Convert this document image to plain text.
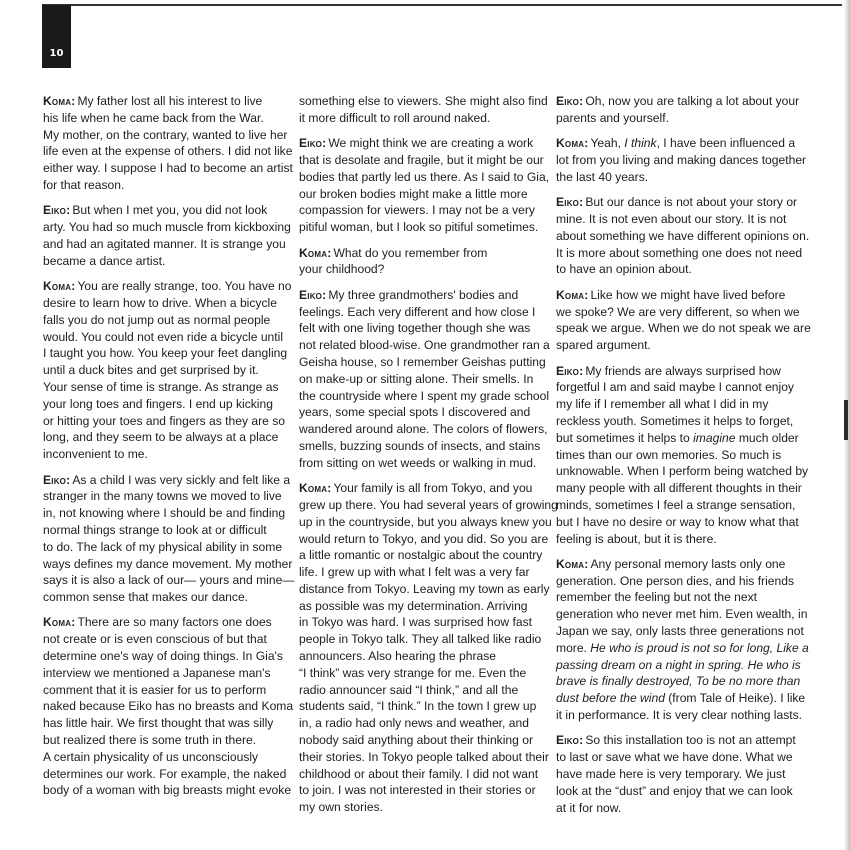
10
Koma: My father lost all his interest to live
his life when he came back from the War.
My mother, on the contrary, wanted to live her
life even at the expense of others. I did not like
either way. I suppose I had to become an artist
for that reason.
Eiko: But when I met you, you did not look
arty. You had so much muscle from kickboxing
and had an agitated manner. It is strange you
became a dance artist.
Koma: You are really strange, too. You have no
desire to learn how to drive. When a bicycle
falls you do not jump out as normal people
would. You could not even ride a bicycle until
I taught you how. You keep your feet dangling
until a duck bites and get surprised by it.
Your sense of time is strange. As strange as
your long toes and fingers. I end up kicking
or hitting your toes and fingers as they are so
long, and they seem to be always at a place
inconvenient to me.
Eiko: As a child I was very sickly and felt like a
stranger in the many towns we moved to live
in, not knowing where I should be and finding
normal things strange to look at or difficult
to do. The lack of my physical ability in some
ways defines my dance movement. My mother
says it is also a lack of our— yours and mine—
common sense that makes our dance.
Koma: There are so many factors one does
not create or is even conscious of but that
determine one's way of doing things. In Gia's
interview we mentioned a Japanese man's
comment that it is easier for us to perform
naked because Eiko has no breasts and Koma
has little hair. We first thought that was silly
but realized there is some truth in there.
A certain physicality of us unconsciously
determines our work. For example, the naked
body of a woman with big breasts might evoke
something else to viewers. She might also find
it more difficult to roll around naked.
Eiko: We might think we are creating a work
that is desolate and fragile, but it might be our
bodies that partly led us there. As I said to Gia,
our broken bodies might make a little more
compassion for viewers. I may not be a very
pitiful woman, but I look so pitiful sometimes.
Koma: What do you remember from
your childhood?
Eiko: My three grandmothers' bodies and
feelings. Each very different and how close I
felt with one living together though she was
not related blood-wise. One grandmother ran a
Geisha house, so I remember Geishas putting
on make-up or sitting alone. Their smells. In
the countryside where I spent my grade school
years, some special spots I discovered and
wandered around alone. The colors of flowers,
smells, buzzing sounds of insects, and stains
from sitting on wet weeds or walking in mud.
Koma: Your family is all from Tokyo, and you
grew up there. You had several years of growing
up in the countryside, but you always knew you
would return to Tokyo, and you did. So you are
a little romantic or nostalgic about the country
life. I grew up with what I felt was a very far
distance from Tokyo. Leaving my town as early
as possible was my determination. Arriving
in Tokyo was hard. I was surprised how fast
people in Tokyo talk. They all talked like radio
announcers. Also hearing the phrase
“I think” was very strange for me. Even the
radio announcer said “I think,” and all the
students said, “I think.” In the town I grew up
in, a radio had only news and weather, and
nobody said anything about their thinking or
their stories. In Tokyo people talked about their
childhood or about their family. I did not want
to join. I was not interested in their stories or
my own stories.
Eiko: Oh, now you are talking a lot about your
parents and yourself.
Koma: Yeah, I think, I have been influenced a
lot from you living and making dances together
the last 40 years.
Eiko: But our dance is not about your story or
mine. It is not even about our story. It is not
about something we have different opinions on.
It is more about something one does not need
to have an opinion about.
Koma: Like how we might have lived before
we spoke? We are very different, so when we
speak we argue. When we do not speak we are
spared argument.
Eiko: My friends are always surprised how
forgetful I am and said maybe I cannot enjoy
my life if I remember all what I did in my
reckless youth. Sometimes it helps to forget,
but sometimes it helps to imagine much older
times than our own memories. So much is
unknowable. When I perform being watched by
many people with all different thoughts in their
minds, sometimes I feel a strange sensation,
but I have no desire or way to know what that
feeling is about, but it is there.
Koma: Any personal memory lasts only one
generation. One person dies, and his friends
remember the feeling but not the next
generation who never met him. Even wealth, in
Japan we say, only lasts three generations not
more. He who is proud is not so for long, Like a
passing dream on a night in spring. He who is
brave is finally destroyed, To be no more than
dust before the wind (from Tale of Heike). I like
it in performance. It is very clear nothing lasts.
Eiko: So this installation too is not an attempt
to last or save what we have done. What we
have made here is very temporary. We just
look at the “dust” and enjoy that we can look
at it for now.
